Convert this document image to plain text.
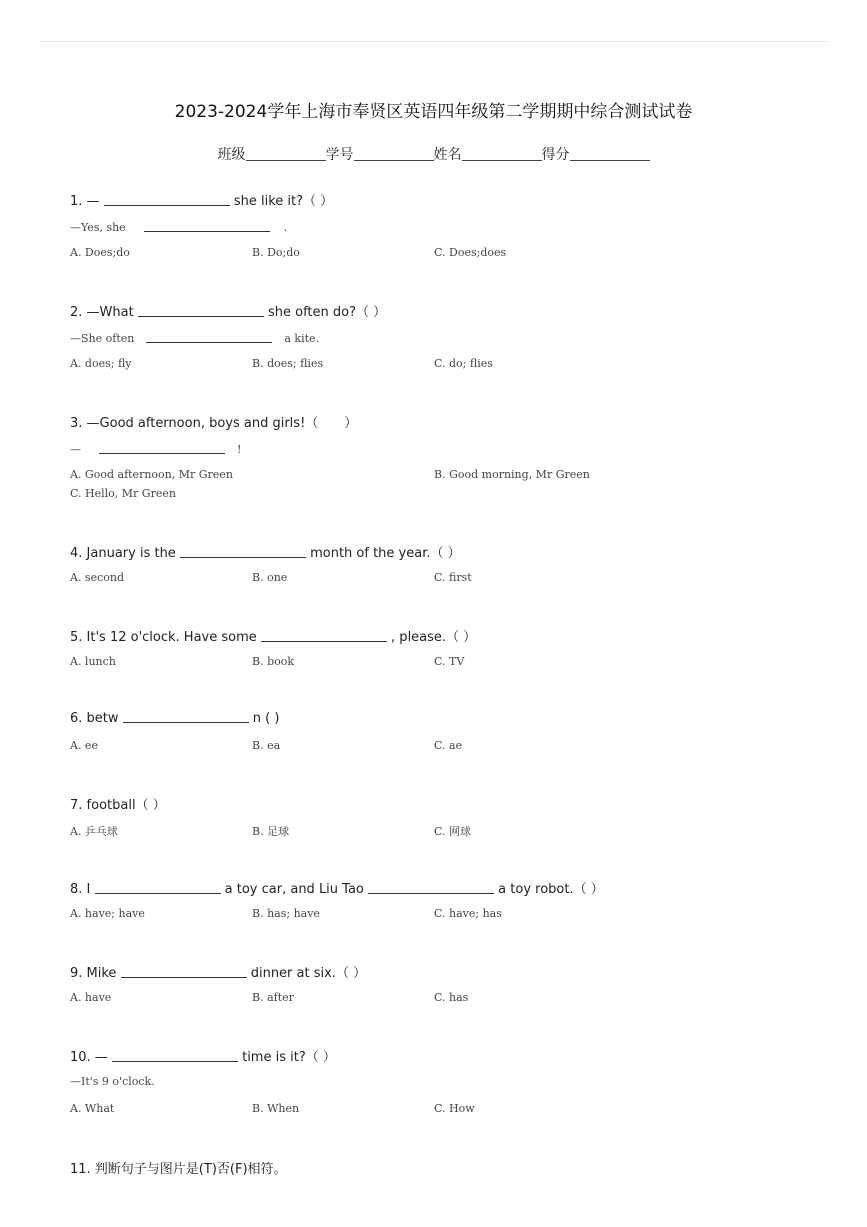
2023-2024学年上海市奉贤区英语四年级第二学期期中综合测试试卷
班级	学号	姓名	得分
1. —	she like it?（ ）
—Yes, she	.
A. Does;do	B. Do;do	C. Does;does
2. —What	she often do?（ ）
—She often	a kite.
A. does; fly	B. does; flies	C. do; flies
3. —Good afternoon, boys and girls!（　　）
—	!
A. Good afternoon, Mr Green	B. Good morning, Mr Green
C. Hello, Mr Green
4. January is the	month of the year.（ ）
A. second	B. one	C. first
5. It's 12 o'clock. Have some	, please.（ ）
A. lunch	B. book	C. TV
6. betw	n ( )
A. ee	B. ea	C. ae
7. football（ ）
A. 乒乓球	B. 足球	C. 网球
8. I	a toy car, and Liu Tao	a toy robot.（ ）
A. have; have	B. has; have	C. have; has
9. Mike	dinner at six.（ ）
A. have	B. after	C. has
10. —	time is it?（ ）
—It's 9 o'clock.
A. What	B. When	C. How
11. 判断句子与图片是(T)否(F)相符。
